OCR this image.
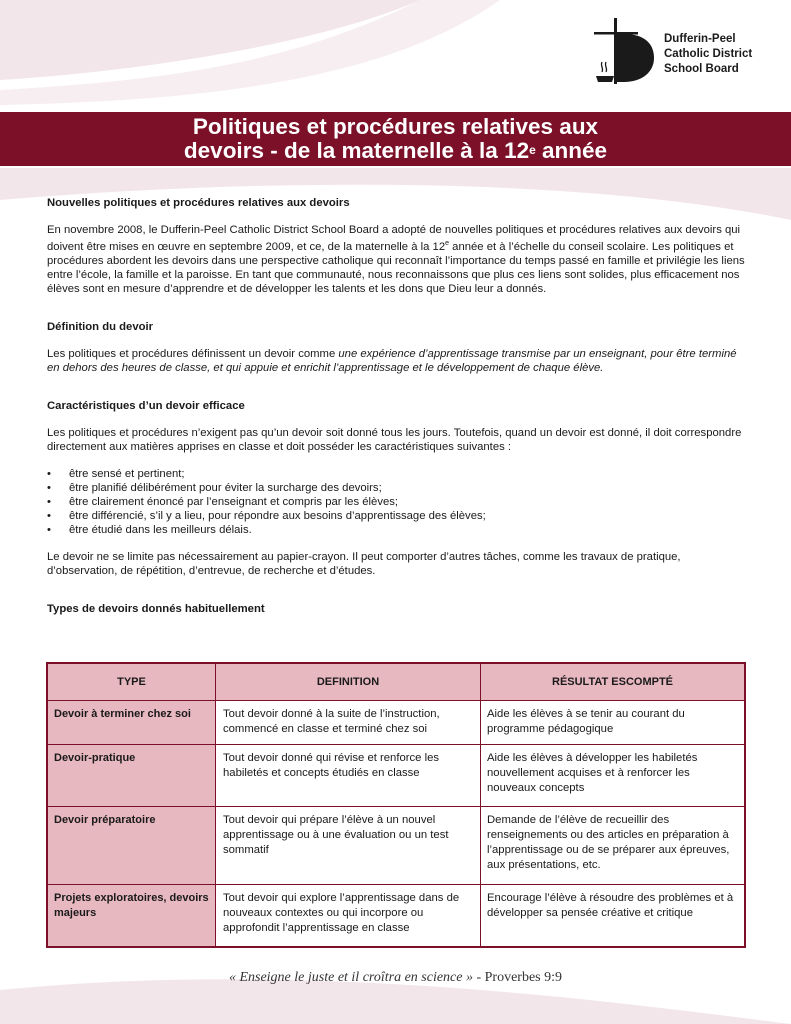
Dufferin-Peel
Catholic District
School Board
Politiques et procédures relatives aux
devoirs - de la maternelle à la 12e année

Nouvelles politiques et procédures relatives aux devoirs

En novembre 2008, le Dufferin-Peel Catholic District School Board a adopté de nouvelles politiques et procédures relatives aux devoirs qui doivent être mises en œuvre en septembre 2009, et ce, de la maternelle à la 12e année et à l’échelle du conseil scolaire. Les politiques et procédures abordent les devoirs dans une perspective catholique qui reconnaît l’importance du temps passé en famille et privilégie les liens entre l’école, la famille et la paroisse. En tant que communauté, nous reconnaissons que plus ces liens sont solides, plus efficacement nos élèves sont en mesure d’apprendre et de développer les talents et les dons que Dieu leur a donnés.

Définition du devoir

Les politiques et procédures définissent un devoir comme une expérience d’apprentissage transmise par un enseignant, pour être terminé en dehors des heures de classe, et qui appuie et enrichit l’apprentissage et le développement de chaque élève.

Caractéristiques d’un devoir efficace

Les politiques et procédures n’exigent pas qu’un devoir soit donné tous les jours. Toutefois, quand un devoir est donné, il doit correspondre directement aux matières apprises en classe et doit posséder les caractéristiques suivantes :

• être sensé et pertinent;
• être planifié délibérément pour éviter la surcharge des devoirs;
• être clairement énoncé par l’enseignant et compris par les élèves;
• être différencié, s’il y a lieu, pour répondre aux besoins d’apprentissage des élèves;
• être étudié dans les meilleurs délais.

Le devoir ne se limite pas nécessairement au papier-crayon. Il peut comporter d’autres tâches, comme les travaux de pratique, d’observation, de répétition, d’entrevue, de recherche et d’études.

Types de devoirs donnés habituellement

TYPE	DEFINITION	RÉSULTAT ESCOMPTÉ
Devoir à terminer chez soi	Tout devoir donné à la suite de l’instruction, commencé en classe et terminé chez soi	Aide les élèves à se tenir au courant du programme pédagogique
Devoir-pratique	Tout devoir donné qui révise et renforce les habiletés et concepts étudiés en classe	Aide les élèves à développer les habiletés nouvellement acquises et à renforcer les nouveaux concepts
Devoir préparatoire	Tout devoir qui prépare l’élève à un nouvel apprentissage ou à une évaluation ou un test sommatif	Demande de l’élève de recueillir des renseignements ou des articles en préparation à l’apprentissage ou de se préparer aux épreuves, aux présentations, etc.
Projets exploratoires, devoirs majeurs	Tout devoir qui explore l’apprentissage dans de nouveaux contextes ou qui incorpore ou approfondit l’apprentissage en classe	Encourage l’élève à résoudre des problèmes et à développer sa pensée créative et critique
« Enseigne le juste et il croîtra en science » - Proverbes 9:9
